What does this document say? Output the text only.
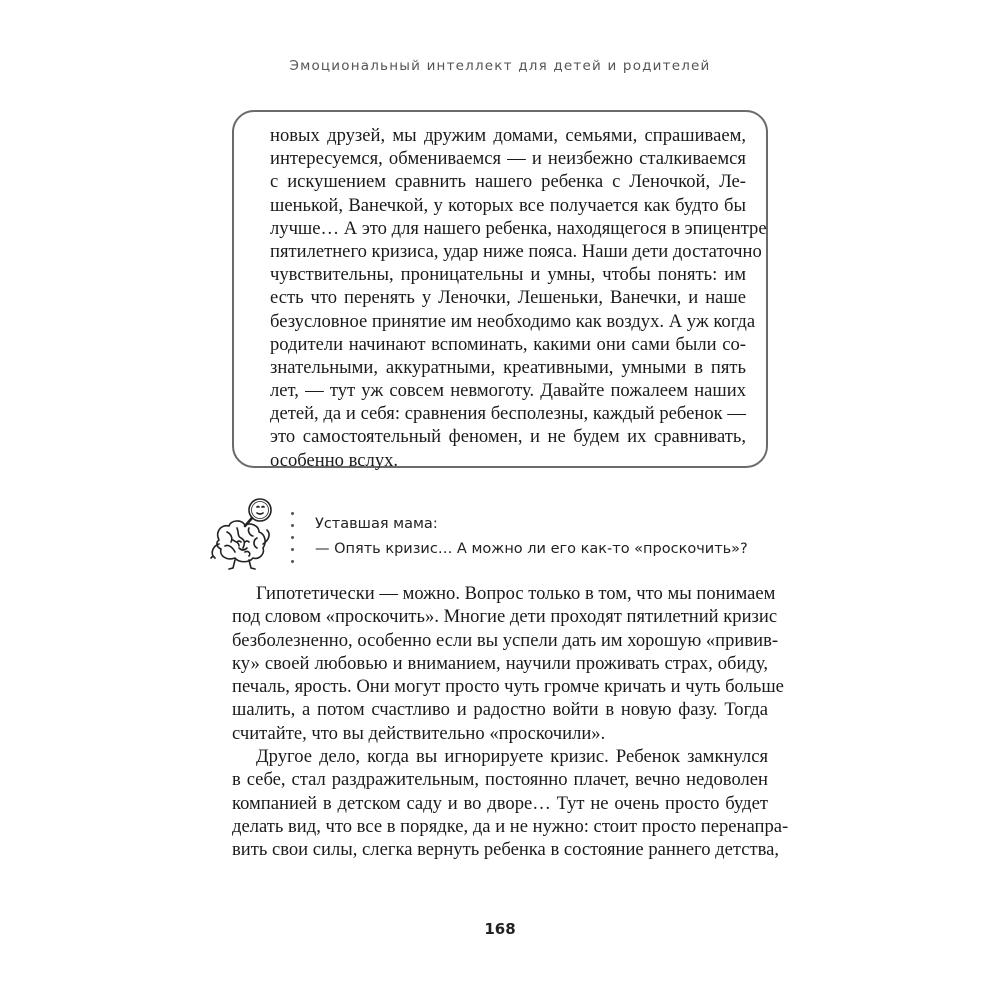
Эмоциональный интеллект для детей и родителей
новых друзей, мы дружим домами, семьями, спрашиваем,
интересуемся, обмениваемся — и неизбежно сталкиваемся
с искушением сравнить нашего ребенка с Леночкой, Ле-
шенькой, Ванечкой, у которых все получается как будто бы
лучше… А это для нашего ребенка, находящегося в эпицентре
пятилетнего кризиса, удар ниже пояса. Наши дети достаточно
чувствительны, проницательны и умны, чтобы понять: им
есть что перенять у Леночки, Лешеньки, Ванечки, и наше
безусловное принятие им необходимо как воздух. А уж когда
родители начинают вспоминать, какими они сами были со-
знательными, аккуратными, креативными, умными в пять
лет, — тут уж совсем невмоготу. Давайте пожалеем наших
детей, да и себя: сравнения бесполезны, каждый ребенок —
это самостоятельный феномен, и не будем их сравнивать,
особенно вслух.
Уставшая мама:
— Опять кризис… А можно ли его как-то «проскочить»?
Гипотетически — можно. Вопрос только в том, что мы понимаем
под словом «проскочить». Многие дети проходят пятилетний кризис
безболезненно, особенно если вы успели дать им хорошую «привив-
ку» своей любовью и вниманием, научили проживать страх, обиду,
печаль, ярость. Они могут просто чуть громче кричать и чуть больше
шалить, а потом счастливо и радостно войти в новую фазу. Тогда
считайте, что вы действительно «проскочили».
Другое дело, когда вы игнорируете кризис. Ребенок замкнулся
в себе, стал раздражительным, постоянно плачет, вечно недоволен
компанией в детском саду и во дворе… Тут не очень просто будет
делать вид, что все в порядке, да и не нужно: стоит просто перенапра-
вить свои силы, слегка вернуть ребенка в состояние раннего детства,
168
